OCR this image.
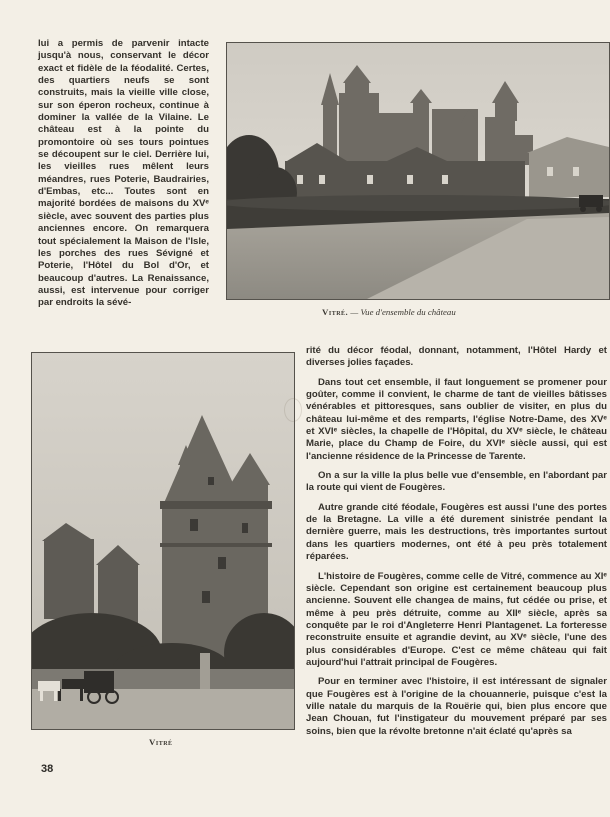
lui a permis de parvenir intacte jusqu'à nous, conservant le décor exact et fidèle de la féodalité. Certes, des quartiers neufs se sont construits, mais la vieille ville close, sur son éperon rocheux, continue à dominer la vallée de la Vilaine. Le château est à la pointe du promontoire où ses tours pointues se découpent sur le ciel. Derrière lui, les vieilles rues mêlent leurs méandres, rues Poterie, Baudrairies, d'Embas, etc... Toutes sont en majorité bordées de maisons du XVᵉ siècle, avec souvent des parties plus anciennes encore. On remarquera tout spécialement la Maison de l'Isle, les porches des rues Sévigné et Poterie, l'Hôtel du Bol d'Or, et beaucoup d'autres. La Renaissance, aussi, est intervenue pour corriger par endroits la sévé-

Vitré. — Vue d'ensemble du château
Vitré

rité du décor féodal, donnant, notamment, l'Hôtel Hardy et diverses jolies façades.

Dans tout cet ensemble, il faut longuement se promener pour goûter, comme il convient, le charme de tant de vieilles bâtisses vénérables et pittoresques, sans oublier de visiter, en plus du château lui-même et des remparts, l'église Notre-Dame, des XVᵉ et XVIᵉ siècles, la chapelle de l'Hôpital, du XVᵉ siècle, le château Marie, place du Champ de Foire, du XVIᵉ siècle aussi, qui est l'ancienne résidence de la Princesse de Tarente.

On a sur la ville la plus belle vue d'ensemble, en l'abordant par la route qui vient de Fougères.

Autre grande cité féodale, Fougères est aussi l'une des portes de la Bretagne. La ville a été durement sinistrée pendant la dernière guerre, mais les destructions, très importantes surtout dans les quartiers modernes, ont été à peu près totalement réparées.

L'histoire de Fougères, comme celle de Vitré, commence au XIᵉ siècle. Cependant son origine est certainement beaucoup plus ancienne. Souvent elle changea de mains, fut cédée ou prise, et même à peu près détruite, comme au XIIᵉ siècle, après sa conquête par le roi d'Angleterre Henri Plantagenet. La forteresse reconstruite ensuite et agrandie devint, au XVᵉ siècle, l'une des plus considérables d'Europe. C'est ce même château qui fait aujourd'hui l'attrait principal de Fougères.

Pour en terminer avec l'histoire, il est intéressant de signaler que Fougères est à l'origine de la chouannerie, puisque c'est la ville natale du marquis de la Rouërie qui, bien plus encore que Jean Chouan, fut l'instigateur du mouvement préparé par ses soins, bien que la révolte bretonne n'ait éclaté qu'après sa

38
